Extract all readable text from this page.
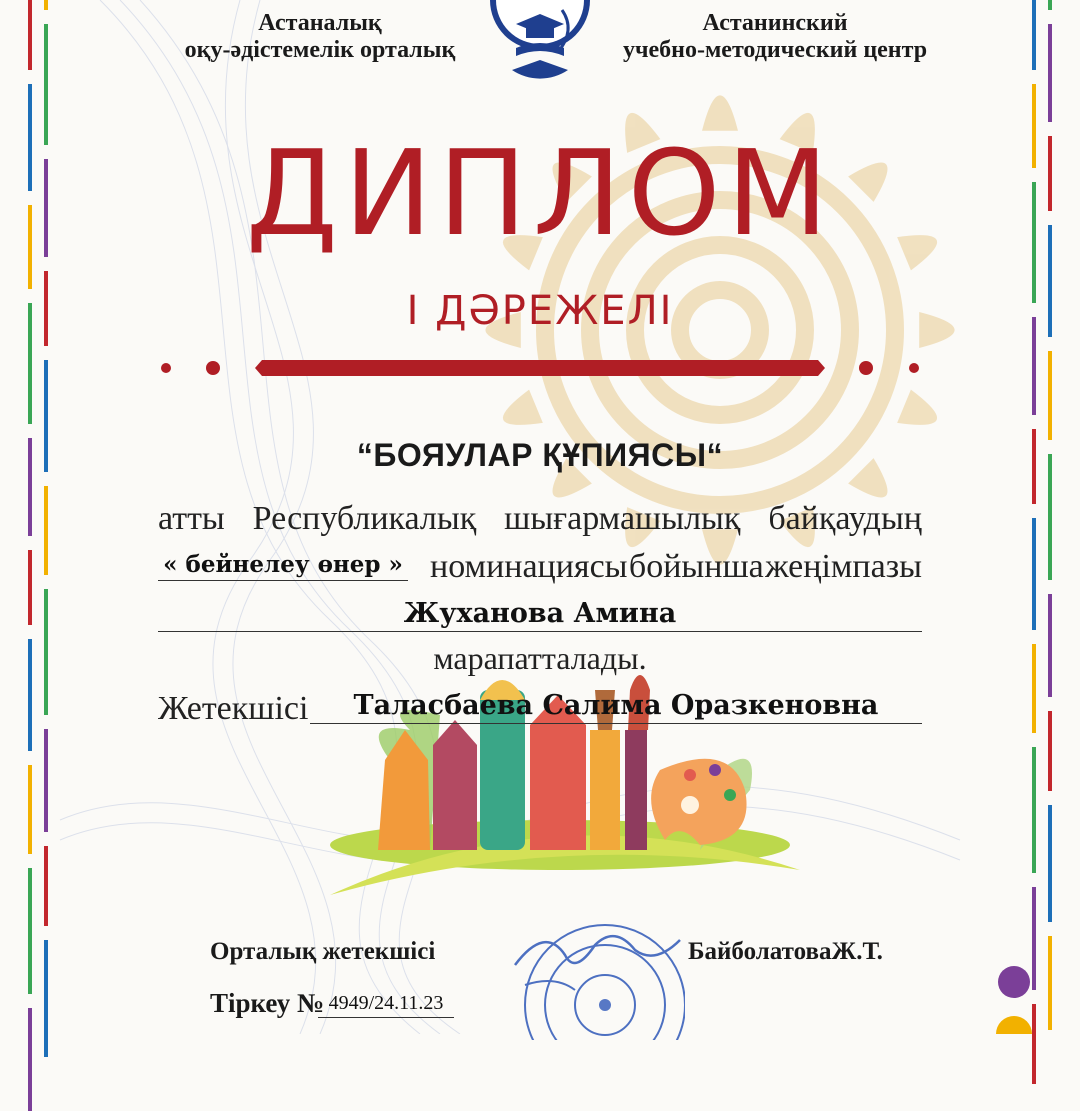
Астаналық
оқу-әдістемелік орталық
Астанинский
учебно-методический центр
ДИПЛОМ
I ДӘРЕЖЕЛІ
“БОЯУЛАР ҚҰПИЯСЫ“
атты Республикалық шығармашылық байқаудың
« бейнелеу өнер » номинациясы бойынша жеңімпазы
Жуханова Амина
марапатталады.
Жетекшісі	Таласбаева Салима Оразкеновна
Орталық жетекшісі	БайболатоваЖ.Т.
Тіркеу № 4949/24.11.23
